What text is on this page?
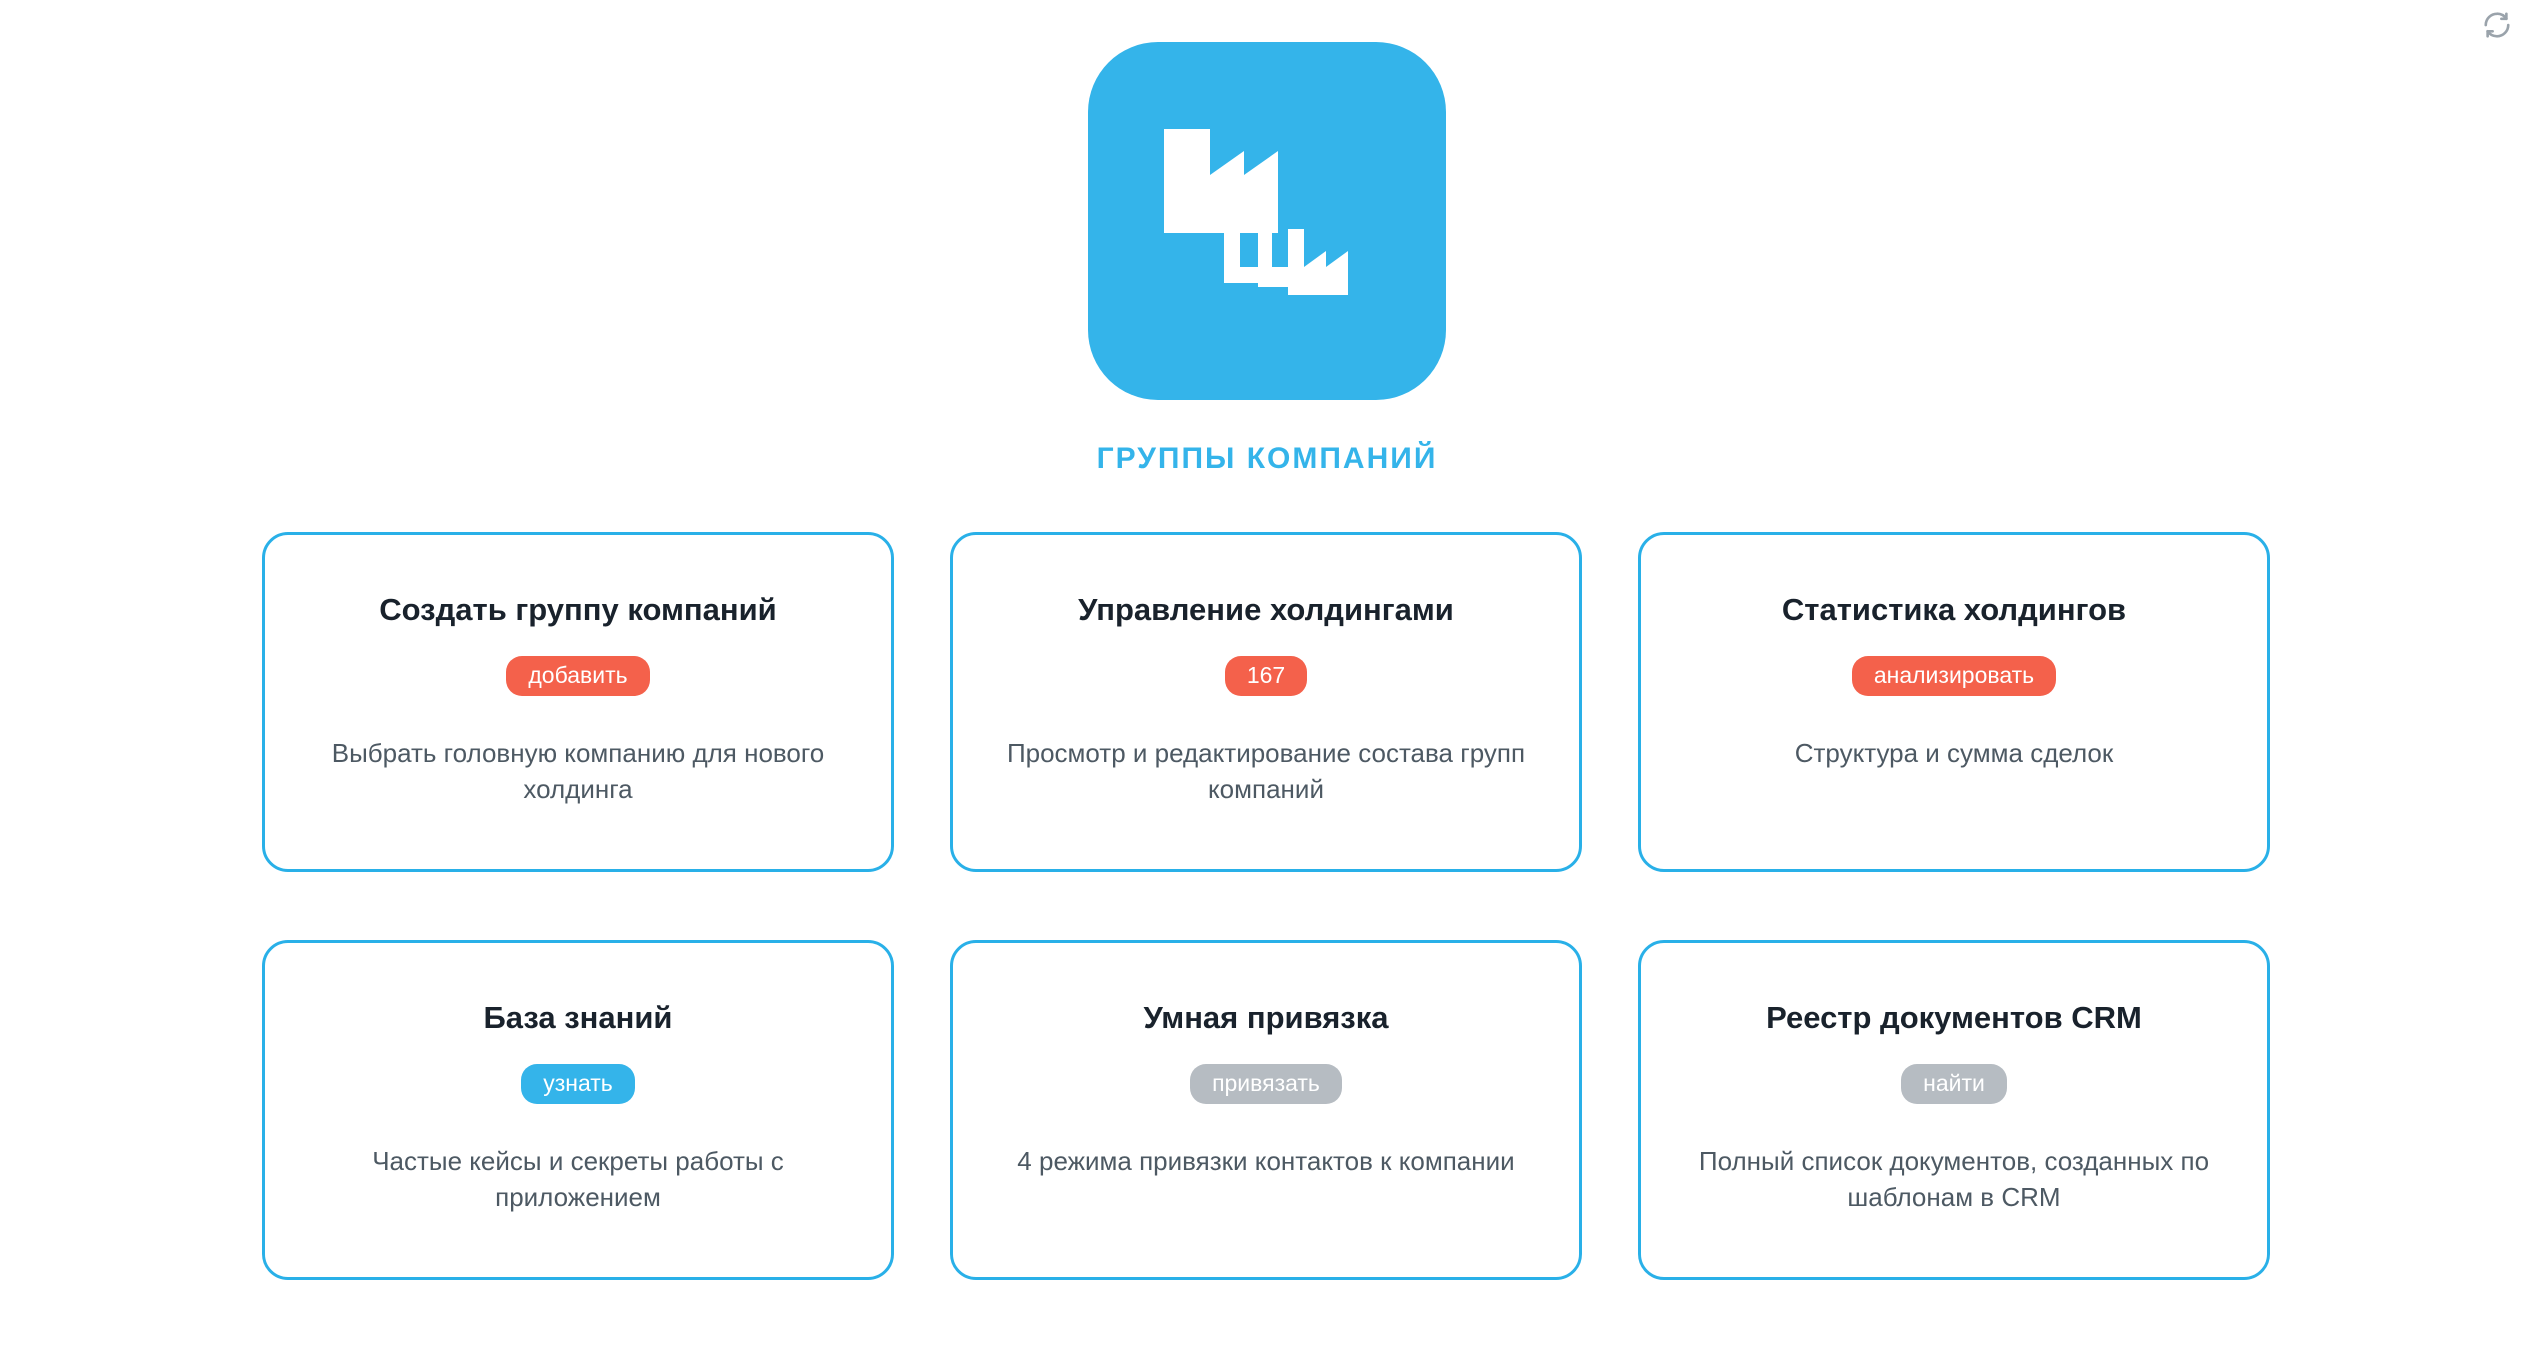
ГРУППЫ КОМПАНИЙ
Создать группу компаний
добавить
Выбрать головную компанию для нового холдинга
Управление холдингами
167
Просмотр и редактирование состава групп компаний
Статистика холдингов
анализировать
Структура и сумма сделок
База знаний
узнать
Частые кейсы и секреты работы с приложением
Умная привязка
привязать
4 режима привязки контактов к компании
Реестр документов CRM
найти
Полный список документов, созданных по шаблонам в CRM
